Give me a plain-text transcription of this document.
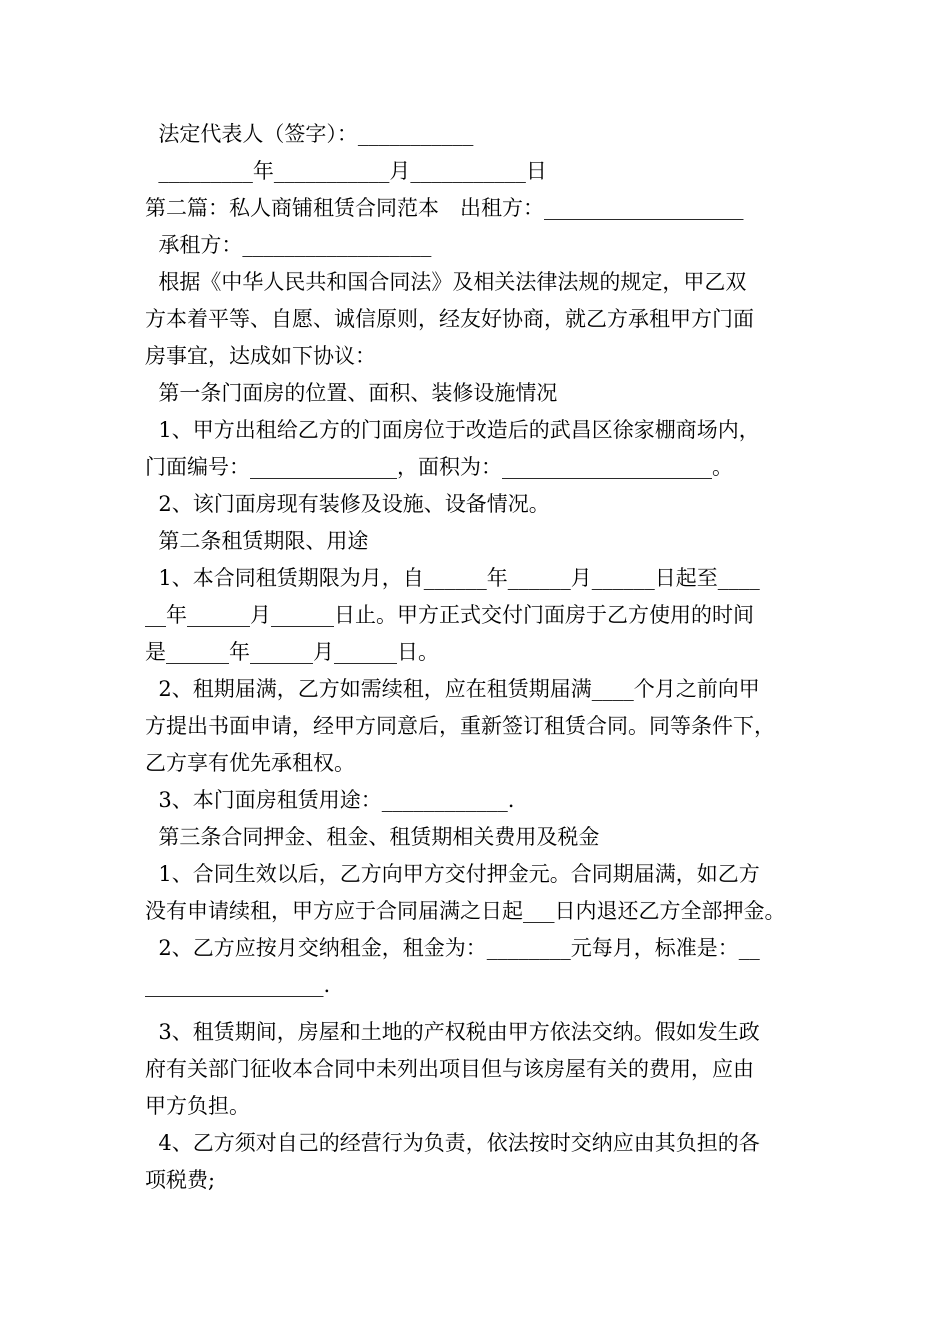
法定代表人（签字）：___________
_________年___________月___________日
第二篇：私人商铺租赁合同范本　出租方：___________________
承租方：__________________
根据《中华人民共和国合同法》及相关法律法规的规定，甲乙双
方本着平等、自愿、诚信原则，经友好协商，就乙方承租甲方门面
房事宜，达成如下协议：
第一条门面房的位置、面积、装修设施情况
1、甲方出租给乙方的门面房位于改造后的武昌区徐家棚商场内，
门面编号：______________，面积为：____________________。
2、该门面房现有装修及设施、设备情况。
第二条租赁期限、用途
1、本合同租赁期限为月，自______年______月______日起至____
__年______月______日止。甲方正式交付门面房于乙方使用的时间
是______年______月______日。
2、租期届满，乙方如需续租，应在租赁期届满____个月之前向甲
方提出书面申请，经甲方同意后，重新签订租赁合同。同等条件下，
乙方享有优先承租权。
3、本门面房租赁用途：____________.
第三条合同押金、租金、租赁期相关费用及税金
1、合同生效以后，乙方向甲方交付押金元。合同期届满，如乙方
没有申请续租，甲方应于合同届满之日起___日内退还乙方全部押金。
2、乙方应按月交纳租金，租金为：________元每月，标准是：__
_________________.
3、租赁期间，房屋和土地的产权税由甲方依法交纳。假如发生政
府有关部门征收本合同中未列出项目但与该房屋有关的费用，应由
甲方负担。
4、乙方须对自己的经营行为负责，依法按时交纳应由其负担的各
项税费;
